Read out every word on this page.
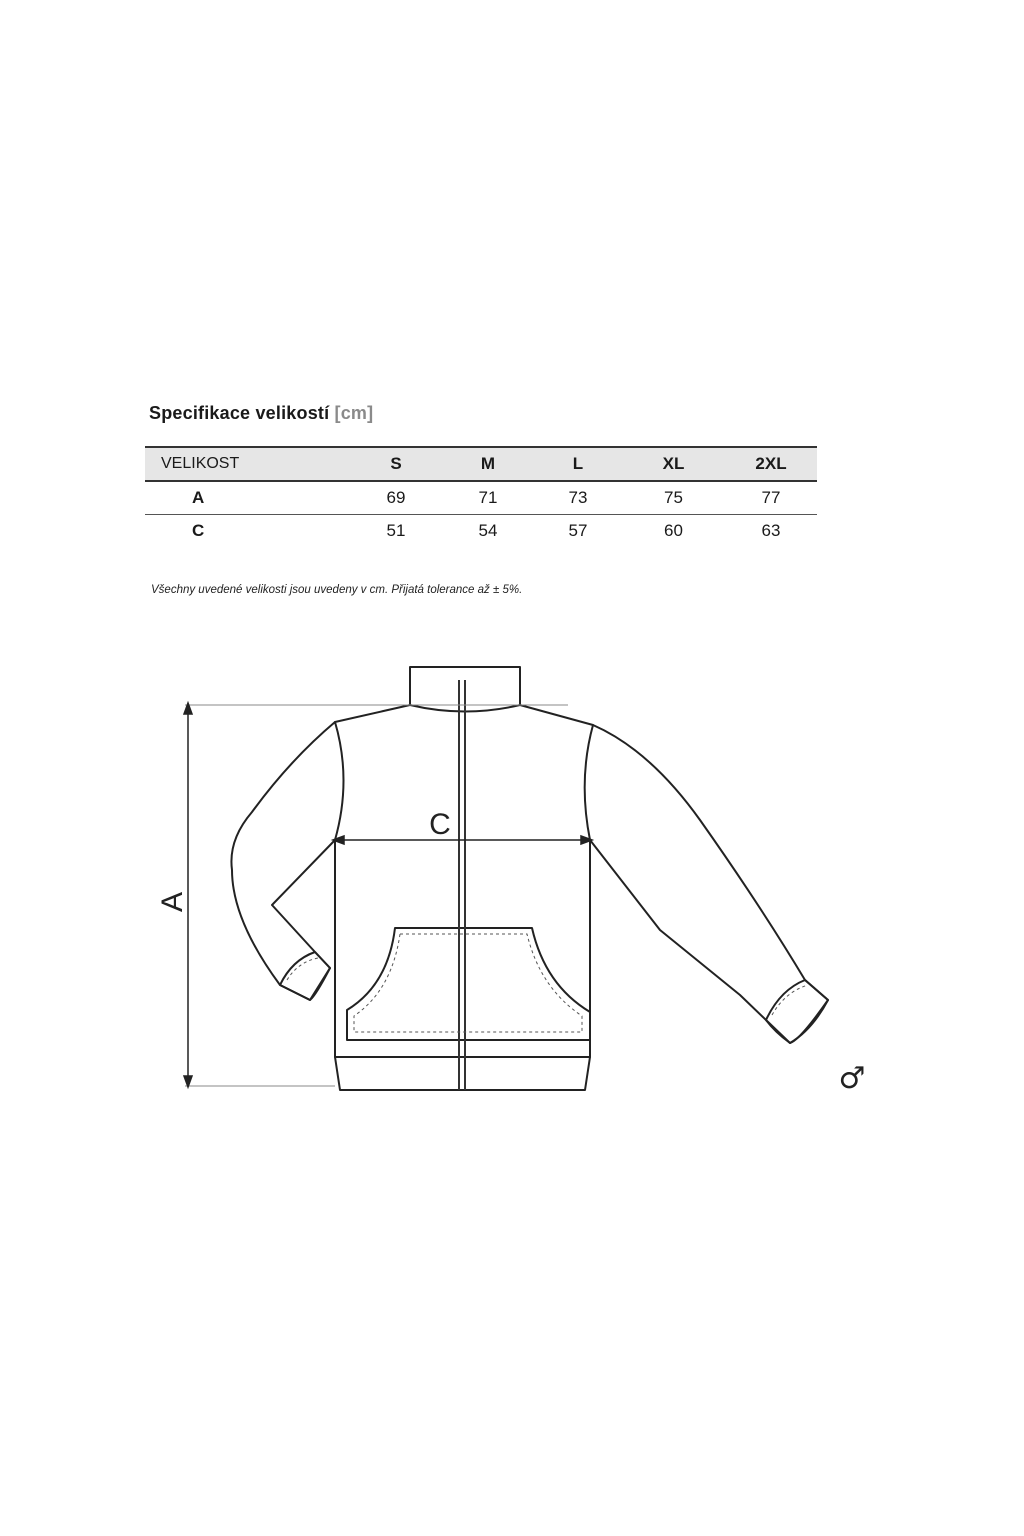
Specifikace velikostí [cm]
VELIKOST	S	M	L	XL	2XL
A	69	71	73	75	77
C	51	54	57	60	63
Všechny uvedené velikosti jsou uvedeny v cm. Přijatá tolerance až ± 5%.
A
C
♂
